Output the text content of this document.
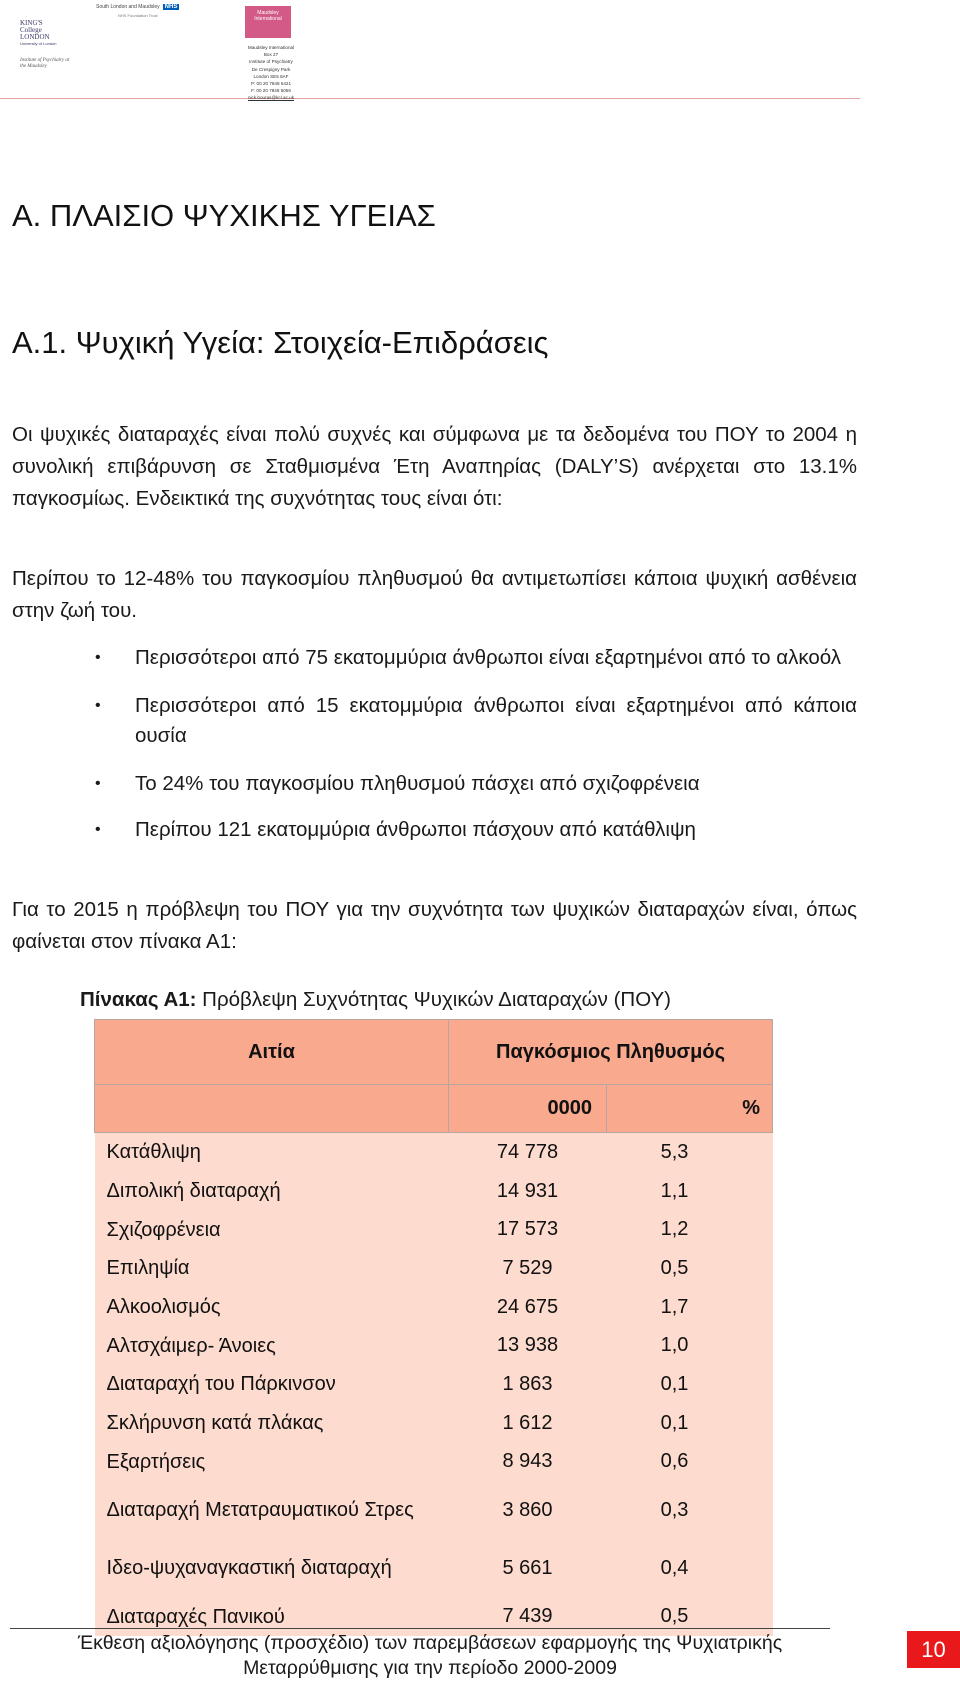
KING'S College LONDON
University of London
Institute of Psychiatry at the Maudsley
South London and Maudsley NHS
NHS Foundation Trust	Maudsley International
Maudsley International
Box 27
Institute of Psychiatry
De Crespigny Park
London SE5 8AF
P: 00 20 7848 5421
F: 00 20 7848 5056
nick.bouras@kcl.ac.uk
Α. ΠΛΑΙΣΙΟ ΨΥΧΙΚΗΣ ΥΓΕΙΑΣ
Α.1. Ψυχική Υγεία: Στοιχεία-Επιδράσεις

Οι ψυχικές διαταραχές είναι πολύ συχνές και σύμφωνα με τα δεδομένα του ΠΟΥ το 2004 η συνολική επιβάρυνση σε Σταθμισμένα Έτη Αναπηρίας (DALY’S) ανέρχεται στο 13.1% παγκοσμίως. Ενδεικτικά της συχνότητας τους είναι ότι:

Περίπου το 12-48% του παγκοσμίου πληθυσμού θα αντιμετωπίσει κάποια ψυχική ασθένεια στην ζωή του.

• Περισσότεροι από 75 εκατομμύρια άνθρωποι είναι εξαρτημένοι από το αλκοόλ
• Περισσότεροι από 15 εκατομμύρια άνθρωποι είναι εξαρτημένοι από κάποια ουσία
• Το 24% του παγκοσμίου πληθυσμού πάσχει από σχιζοφρένεια
• Περίπου 121 εκατομμύρια άνθρωποι πάσχουν από κατάθλιψη

Για το 2015 η πρόβλεψη του ΠΟΥ για την συχνότητα των ψυχικών διαταραχών είναι, όπως φαίνεται στον πίνακα Α1:

Πίνακας Α1: Πρόβλεψη Συχνότητας Ψυχικών Διαταραχών (ΠΟΥ)
Αιτία	Παγκόσμιος Πληθυσμός	
	0000	%
Κατάθλιψη	74 778	5,3
Διπολική διαταραχή	14 931	1,1
Σχιζοφρένεια	17 573	1,2
Επιληψία	7 529	0,5
Αλκοολισμός	24 675	1,7
Αλτσχάιμερ- Άνοιες	13 938	1,0
Διαταραχή του Πάρκινσον	1 863	0,1
Σκλήρυνση κατά πλάκας	1 612	0,1
Εξαρτήσεις	8 943	0,6
Διαταραχή Μετατραυματικού Στρες	3 860	0,3
Ιδεο-ψυχαναγκαστική διαταραχή	5 661	0,4
Διαταραχές Πανικού	7 439	0,5
Έκθεση αξιολόγησης (προσχέδιο) των παρεμβάσεων εφαρμογής της Ψυχιατρικής
Μεταρρύθμισης για την περίοδο 2000-2009
10
